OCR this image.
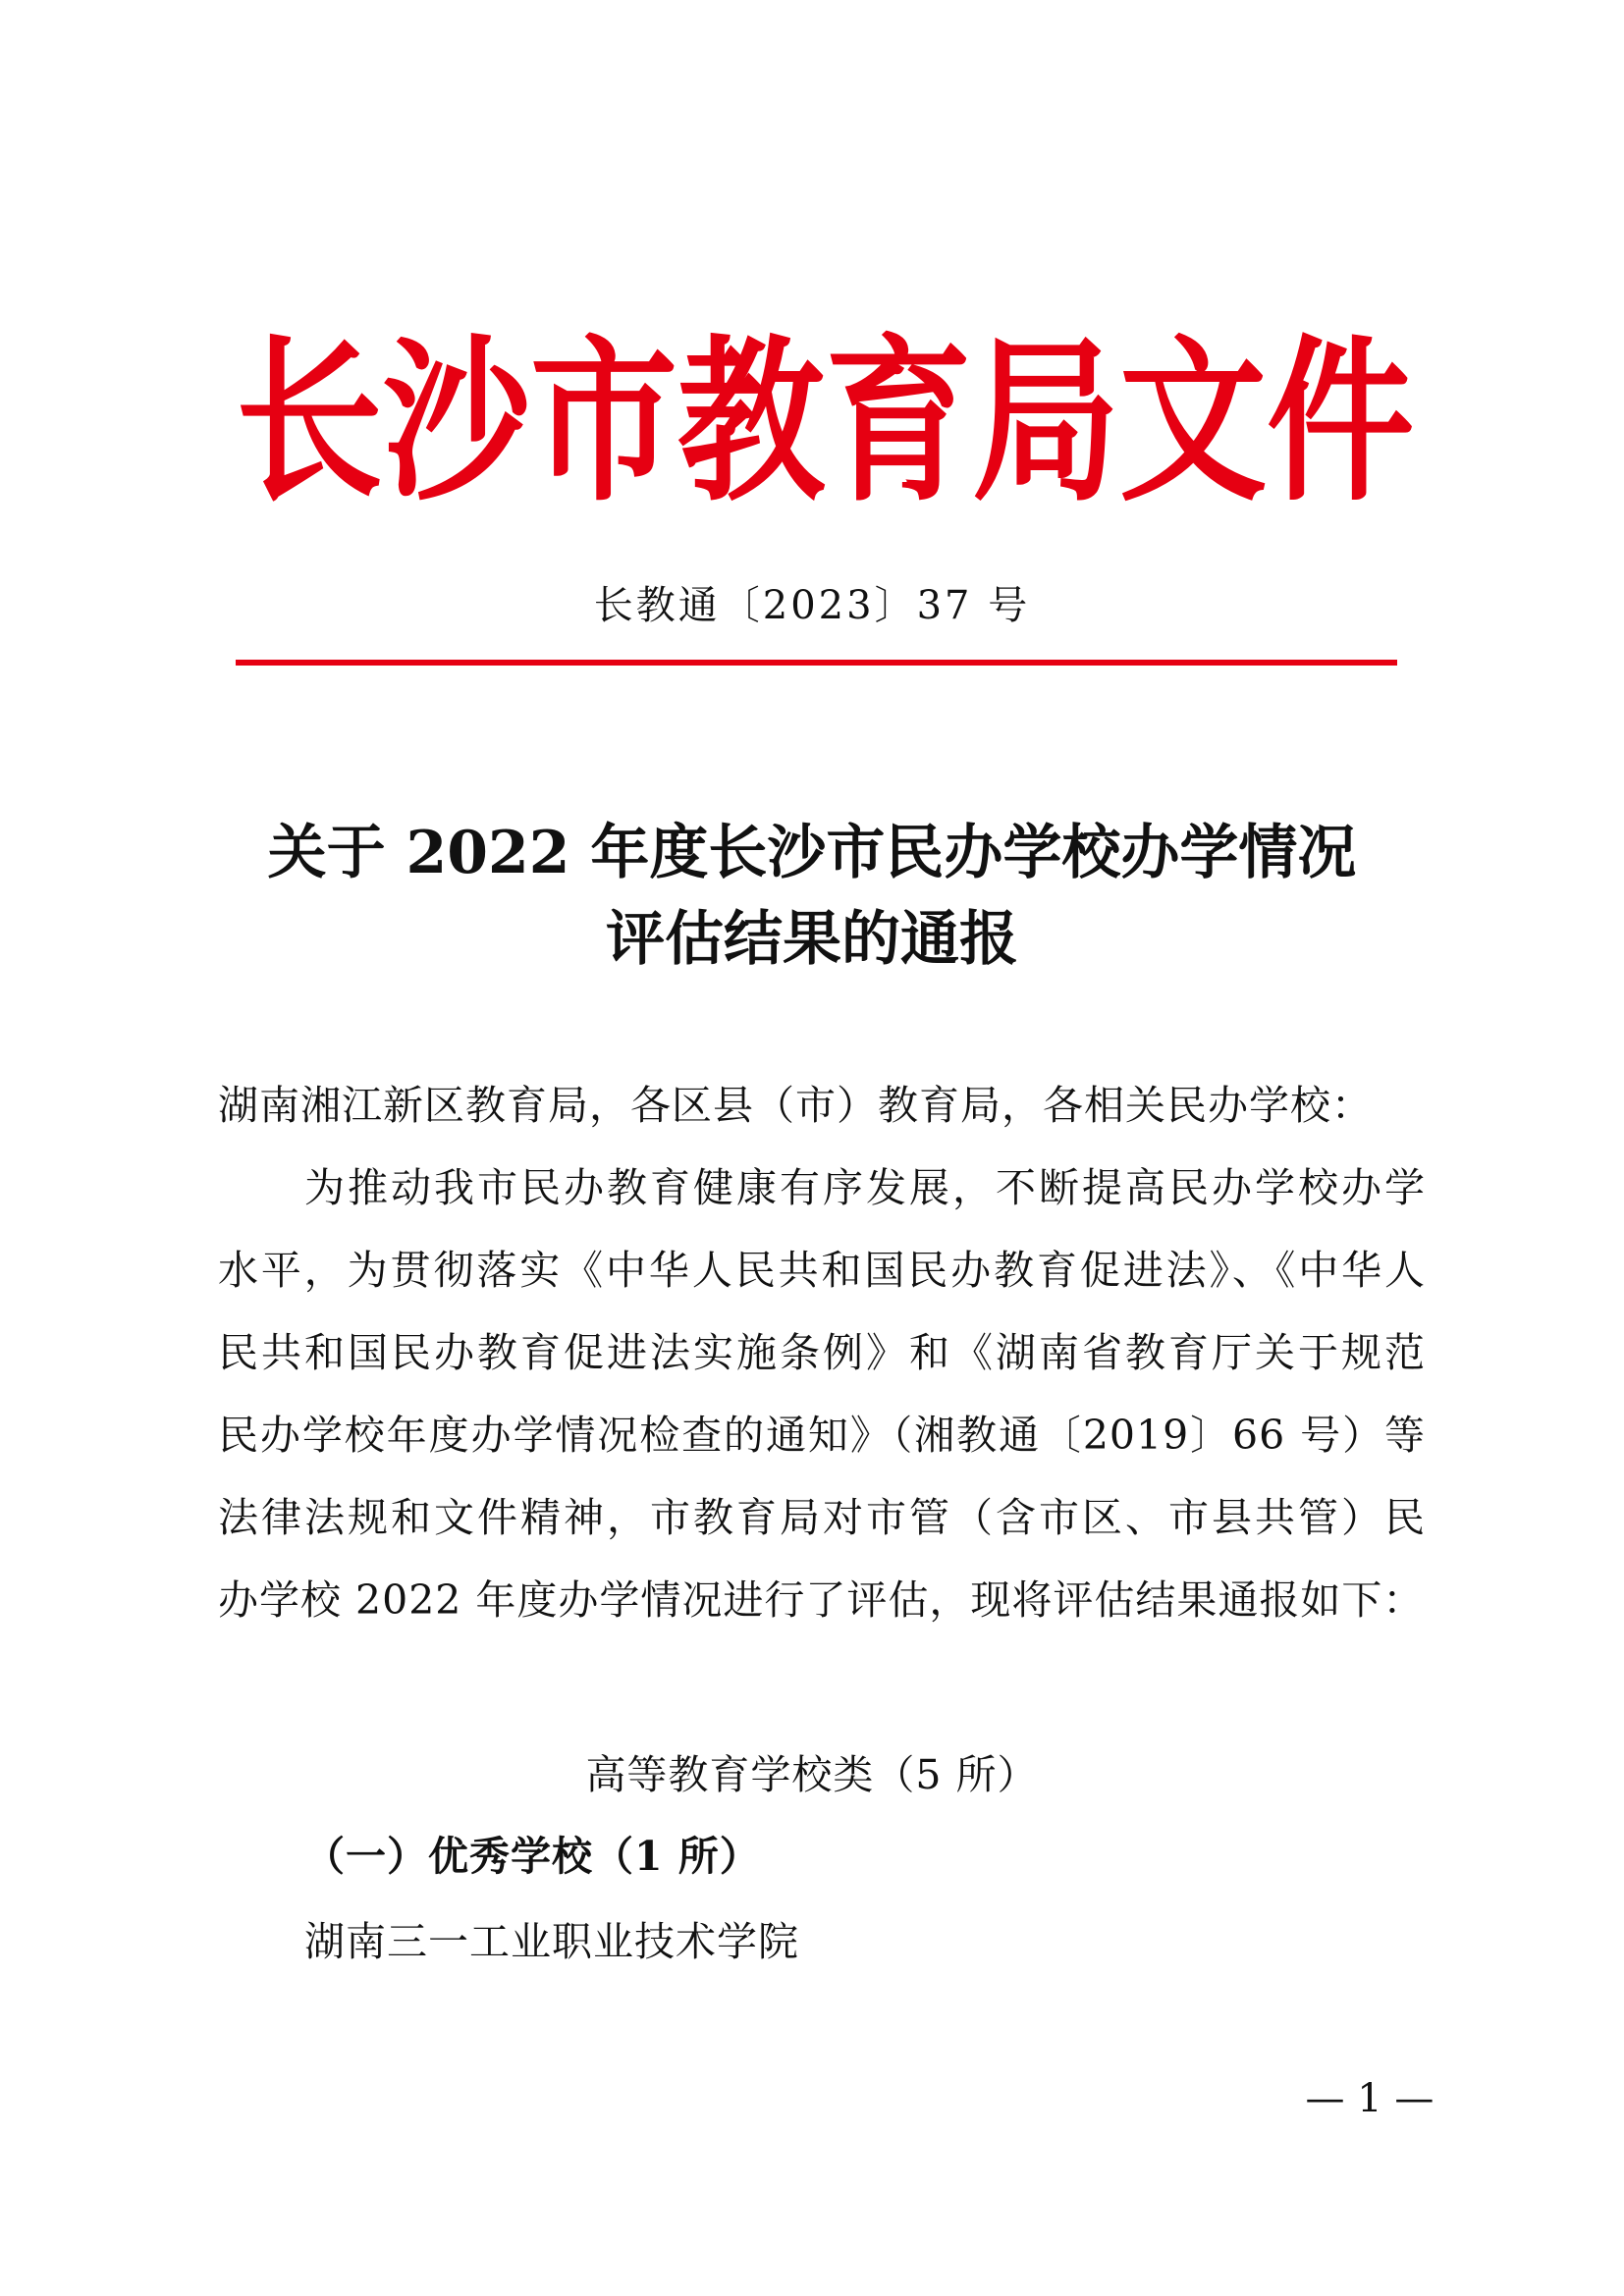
长 沙 市 教 育 局 文 件
长教通〔2023〕37 号
关于 2022 年度长沙市民办学校办学情况
评估结果的通报
湖南湘江新区教育局，各区县（市）教育局，各相关民办学校：
为推动我市民办教育健康有序发展，不断提高民办学校办学
水平，为贯彻落实《中华人民共和国民办教育促进法》、《中华人
民共和国民办教育促进法实施条例》和《湖南省教育厅关于规范
民办学校年度办学情况检查的通知》（湘教通〔2019〕66 号）等
法律法规和文件精神，市教育局对市管（含市区、市县共管）民
办学校 2022 年度办学情况进行了评估，现将评估结果通报如下：
高等教育学校类（5 所）
（一）优秀学校（1 所）
湖南三一工业职业技术学院
— 1 —
